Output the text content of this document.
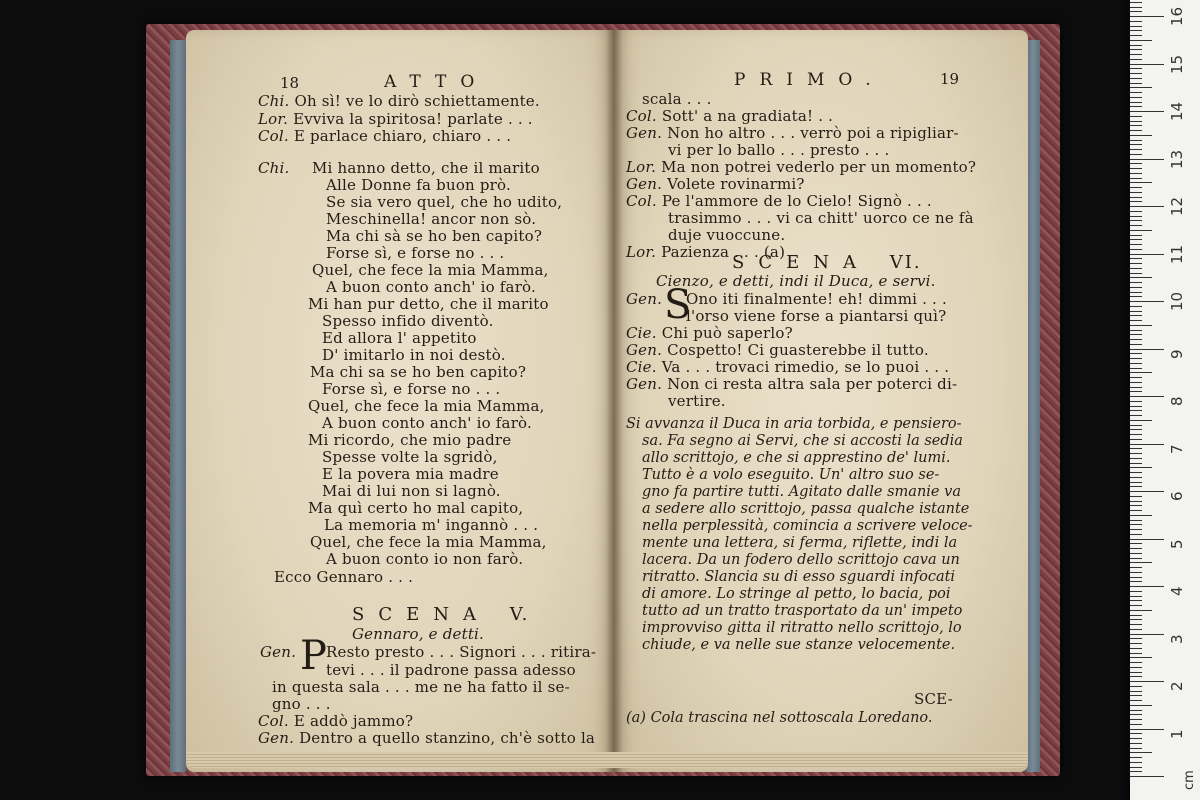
18	ATTO
Chi. Oh sì! ve lo dirò schiettamente.
Lor. Evviva la spiritosa! parlate . . .
Col. E parlace chiaro, chiaro . . .
Chi. Mi hanno detto, che il marito
Alle Donne fa buon prò.
Se sia vero quel, che ho udito,
Meschinella! ancor non sò.
Ma chi sà se ho ben capito?
Forse sì, e forse no . . .
Quel, che fece la mia Mamma,
A buon conto anch' io farò.
Mi han pur detto, che il marito
Spesso infido diventò.
Ed allora l' appetito
D' imitarlo in noi destò.
Ma chi sa se ho ben capito?
Forse sì, e forse no . . .
Quel, che fece la mia Mamma,
A buon conto anch' io farò.
Mi ricordo, che mio padre
Spesse volte la sgridò,
E la povera mia madre
Mai di lui non si lagnò.
Ma quì certo ho mal capito,
La memoria m' ingannò . . .
Quel, che fece la mia Mamma,
A buon conto io non farò.
Ecco Gennaro . . .
SCENA V.
Gennaro, e detti.
Gen. P Resto presto . . . Signori . . . ritira-
tevi . . . il padrone passa adesso
in questa sala . . . me ne ha fatto il se-
gno . . .
Col. E addò jammo?
Gen. Dentro a quello stanzino, ch'è sotto la
PRIMO.	19
scala . . .
Col. Sott' a na gradiata! . .
Gen. Non ho altro . . . verrò poi a ripigliar-
vi per lo ballo . . . presto . . .
Lor. Ma non potrei vederlo per un momento?
Gen. Volete rovinarmi?
Col. Pe l'ammore de lo Cielo! Signò . . .
trasimmo . . . vi ca chitt' uorco ce ne fà
duje vuoccune.
Lor. Pazienza . . . (a)
SCENA VI.
Cienzo, e detti, indi il Duca, e servi.
Gen. S
Ono iti finalmente! eh! dimmi . . .
l'orso viene forse a piantarsi quì?
Cie. Chi può saperlo?
Gen. Cospetto! Ci guasterebbe il tutto.
Cie. Va . . . trovaci rimedio, se lo puoi . . .
Gen. Non ci resta altra sala per poterci di-
vertire.
Si avvanza il Duca in aria torbida, e pensiero-
sa. Fa segno ai Servi, che si accosti la sedia
allo scrittojo, e che si apprestino de' lumi.
Tutto è a volo eseguito. Un' altro suo se-
gno fa partire tutti. Agitato dalle smanie va
a sedere allo scrittojo, passa qualche istante
nella perplessità, comincia a scrivere veloce-
mente una lettera, si ferma, riflette, indi la
lacera. Da un fodero dello scrittojo cava un
ritratto. Slancia su di esso sguardi infocati
di amore. Lo stringe al petto, lo bacia, poi
tutto ad un tratto trasportato da un' impeto
improvviso gitta il ritratto nello scrittojo, lo
chiude, e va nelle sue stanze velocemente.
SCE-
(a) Cola trascina nel sottoscala Loredano.
1
2
3
4
5
6
7
8
9
10
11
12
13
14
15
16
cm
